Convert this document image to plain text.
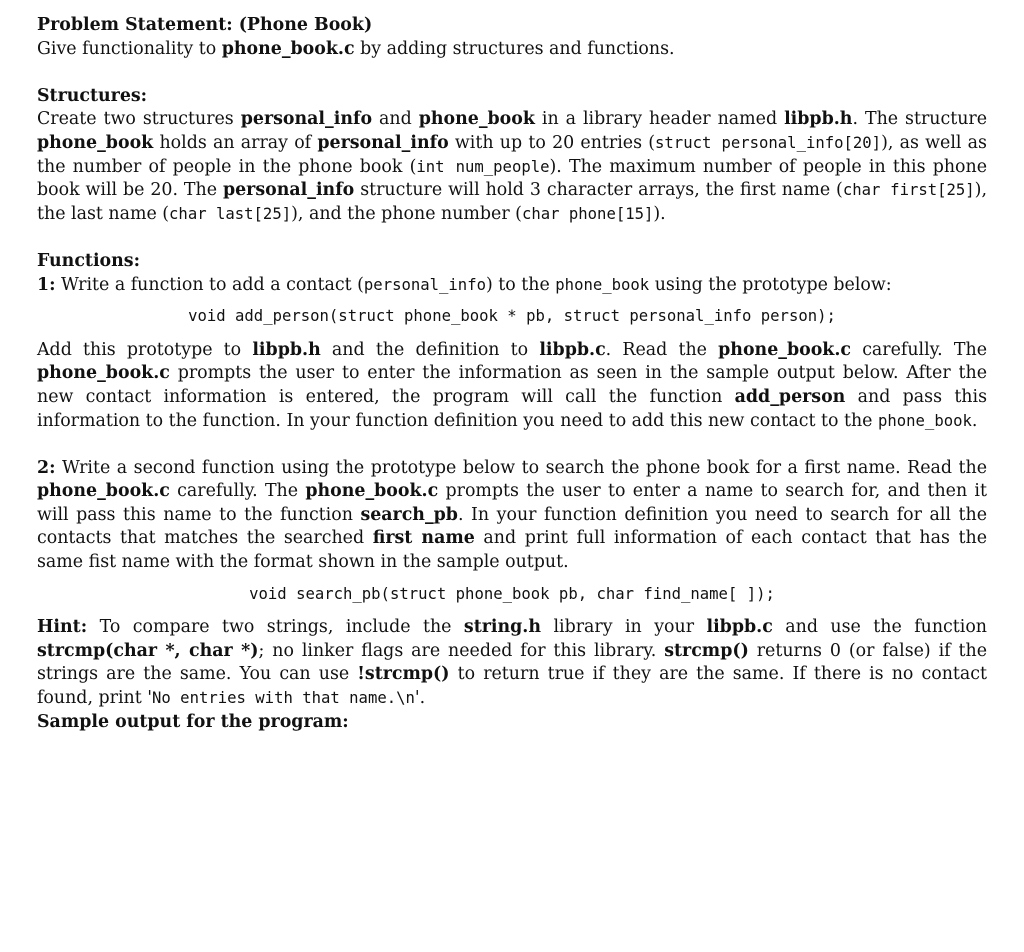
Problem Statement: (Phone Book)

Give functionality to phone_book.c by adding structures and functions.

Structures:

Create two structures personal_info and phone_book in a library header named libpb.h. The structure phone_book holds an array of personal_info with up to 20 entries (struct personal_info[20]), as well as the number of people in the phone book (int num_people). The maximum number of people in this phone book will be 20. The personal_info structure will hold 3 character arrays, the first name (char first[25]), the last name (char last[25]), and the phone number (char phone[15]).

Functions:

1: Write a function to add a contact (personal_info) to the phone_book using the prototype below:

void add_person(struct phone_book * pb, struct personal_info person);

Add this prototype to libpb.h and the definition to libpb.c. Read the phone_book.c carefully. The phone_book.c prompts the user to enter the information as seen in the sample output below. After the new contact information is entered, the program will call the function add_person and pass this information to the function. In your function definition you need to add this new contact to the phone_book.

2: Write a second function using the prototype below to search the phone book for a first name. Read the phone_book.c carefully. The phone_book.c prompts the user to enter a name to search for, and then it will pass this name to the function search_pb. In your function definition you need to search for all the contacts that matches the searched first name and print full information of each contact that has the same fist name with the format shown in the sample output.

void search_pb(struct phone_book pb, char find_name[ ]);

Hint: To compare two strings, include the string.h library in your libpb.c and use the function strcmp(char *, char *); no linker flags are needed for this library. strcmp() returns 0 (or false) if the strings are the same. You can use !strcmp() to return true if they are the same. If there is no contact found, print 'No entries with that name.\n'.

Sample output for the program:
